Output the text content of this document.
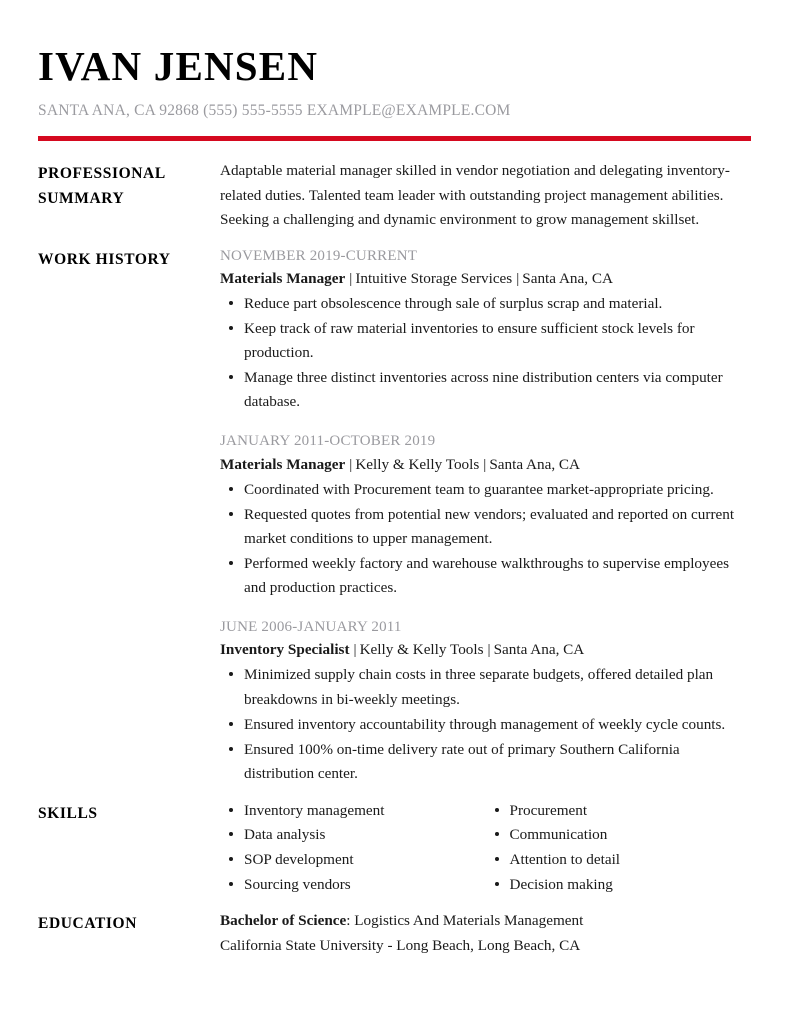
IVAN JENSEN

SANTA ANA, CA 92868 (555) 555-5555 EXAMPLE@EXAMPLE.COM

PROFESSIONAL SUMMARY

Adaptable material manager skilled in vendor negotiation and delegating inventory-related duties. Talented team leader with outstanding project management abilities. Seeking a challenging and dynamic environment to grow management skillset.

WORK HISTORY	NOVEMBER 2019-CURRENT
Materials Manager | Intuitive Storage Services | Santa Ana, CA
Reduce part obsolescence through sale of surplus scrap and material.
Keep track of raw material inventories to ensure sufficient stock levels for production.
Manage three distinct inventories across nine distribution centers via computer database.
JANUARY 2011-OCTOBER 2019
Materials Manager | Kelly & Kelly Tools | Santa Ana, CA
Coordinated with Procurement team to guarantee market-appropriate pricing.
Requested quotes from potential new vendors; evaluated and reported on current market conditions to upper management.
Performed weekly factory and warehouse walkthroughs to supervise employees and production practices.
JUNE 2006-JANUARY 2011
Inventory Specialist | Kelly & Kelly Tools | Santa Ana, CA
Minimized supply chain costs in three separate budgets, offered detailed plan breakdowns in bi-weekly meetings.
Ensured inventory accountability through management of weekly cycle counts.
Ensured 100% on-time delivery rate out of primary Southern California distribution center.
SKILLS	Inventory management
Data analysis
SOP development
Sourcing vendors
Procurement
Communication
Attention to detail
Decision making
EDUCATION	Bachelor of Science: Logistics And Materials Management
California State University - Long Beach, Long Beach, CA
